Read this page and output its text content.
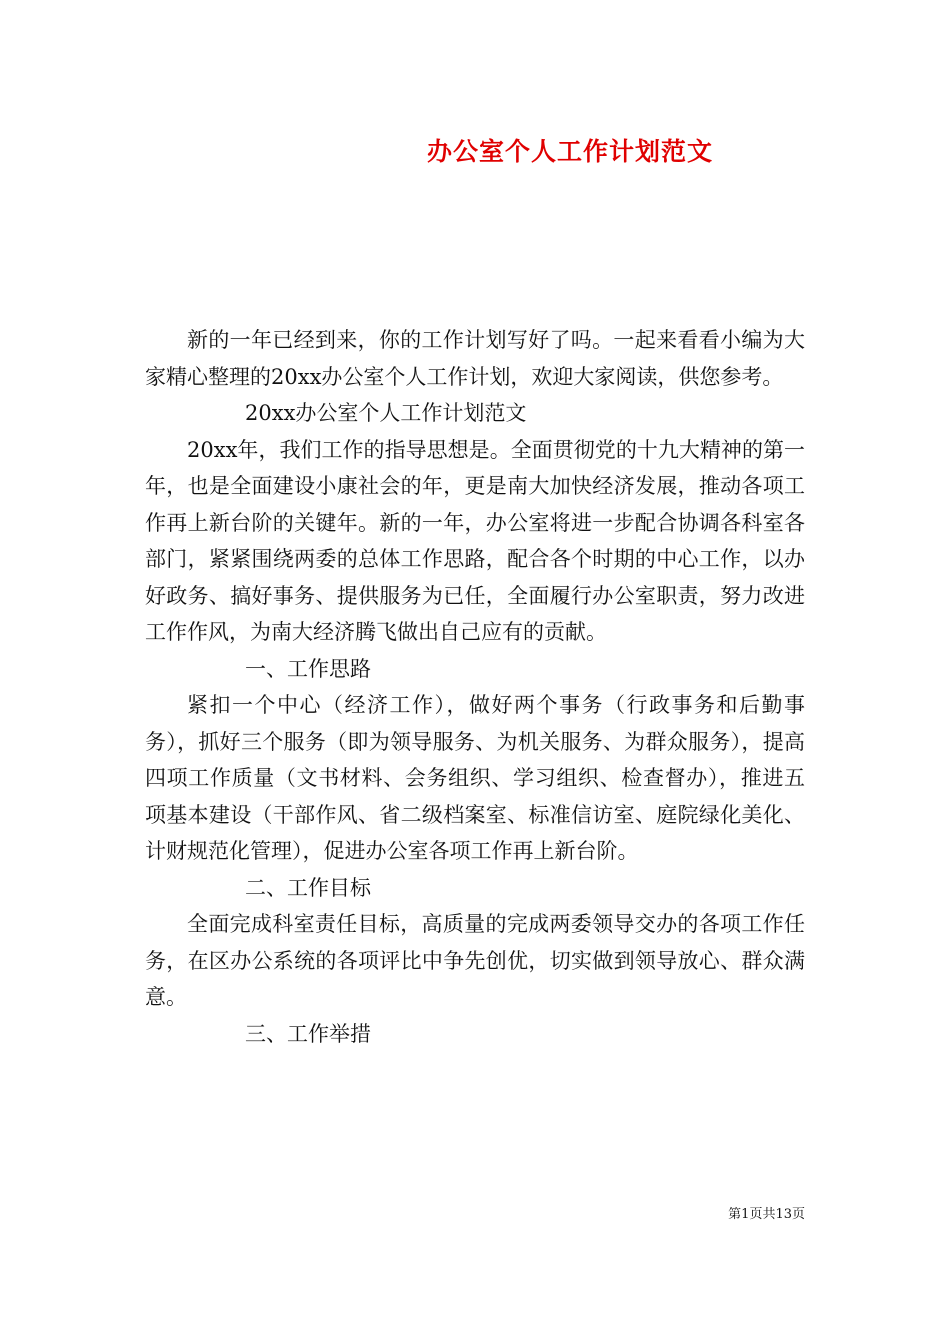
办公室个人工作计划范文

新的一年已经到来，你的工作计划写好了吗。一起来看看小编为大家精心整理的20xx办公室个人工作计划，欢迎大家阅读，供您参考。

20xx办公室个人工作计划范文

20xx年，我们工作的指导思想是。全面贯彻党的十九大精神的第一年，也是全面建设小康社会的年，更是南大加快经济发展，推动各项工作再上新台阶的关键年。新的一年，办公室将进一步配合协调各科室各部门，紧紧围绕两委的总体工作思路，配合各个时期的中心工作，以办好政务、搞好事务、提供服务为已任，全面履行办公室职责，努力改进工作作风，为南大经济腾飞做出自己应有的贡献。

一、工作思路

紧扣一个中心（经济工作），做好两个事务（行政事务和后勤事务），抓好三个服务（即为领导服务、为机关服务、为群众服务），提高四项工作质量（文书材料、会务组织、学习组织、检查督办），推进五项基本建设（干部作风、省二级档案室、标准信访室、庭院绿化美化、计财规范化管理），促进办公室各项工作再上新台阶。

二、工作目标

全面完成科室责任目标，高质量的完成两委领导交办的各项工作任务，在区办公系统的各项评比中争先创优，切实做到领导放心、群众满意。

三、工作举措

第1页共13页
